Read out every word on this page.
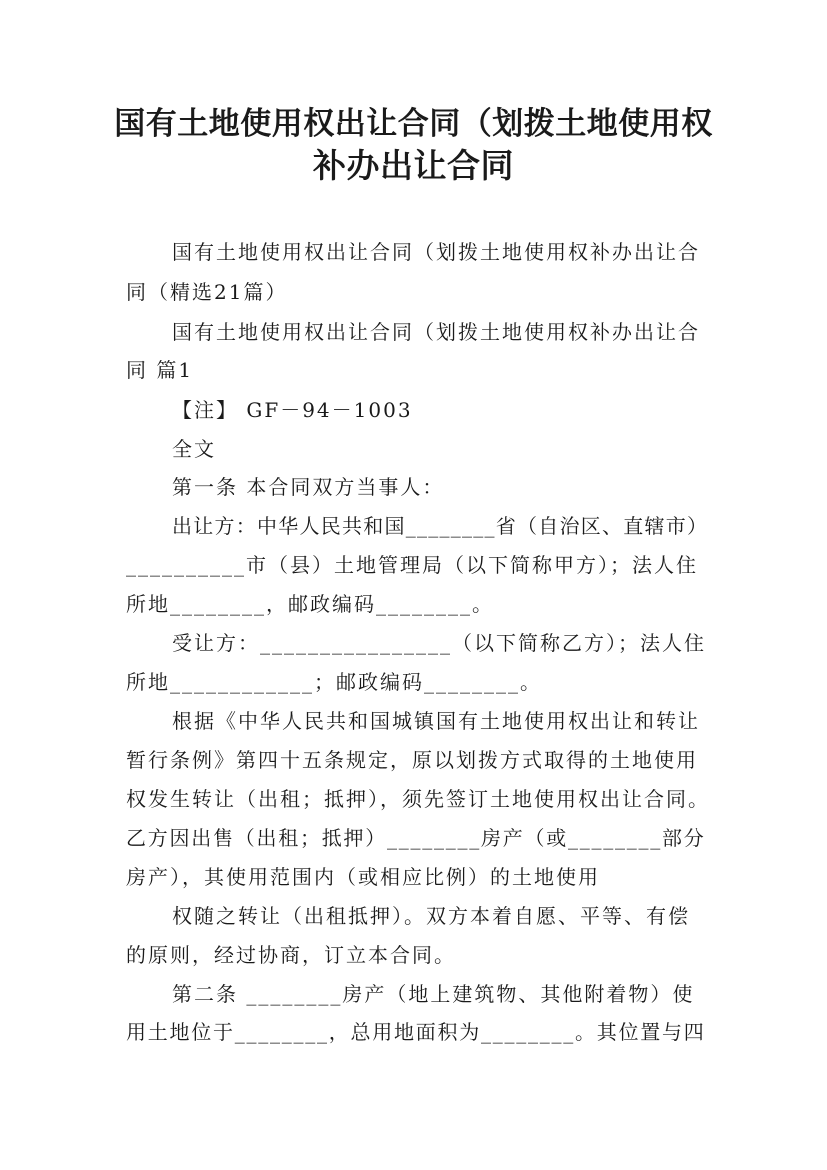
国有土地使用权出让合同（划拨土地使用权
补办出让合同
国有土地使用权出让合同（划拨土地使用权补办出让合
同（精选21篇）
国有土地使用权出让合同（划拨土地使用权补办出让合
同 篇1
【注】 GF－94－1003
全文
第一条 本合同双方当事人：
出让方：中华人民共和国________省（自治区、直辖市）
__________市（县）土地管理局（以下简称甲方）；法人住
所地________，邮政编码________。
受让方：________________（以下简称乙方）；法人住
所地____________；邮政编码________。
根据《中华人民共和国城镇国有土地使用权出让和转让
暂行条例》第四十五条规定，原以划拨方式取得的土地使用
权发生转让（出租；抵押），须先签订土地使用权出让合同。
乙方因出售（出租；抵押）________房产（或________部分
房产），其使用范围内（或相应比例）的土地使用
权随之转让（出租抵押）。双方本着自愿、平等、有偿
的原则，经过协商，订立本合同。
第二条 ________房产（地上建筑物、其他附着物）使
用土地位于________，总用地面积为________。其位置与四
